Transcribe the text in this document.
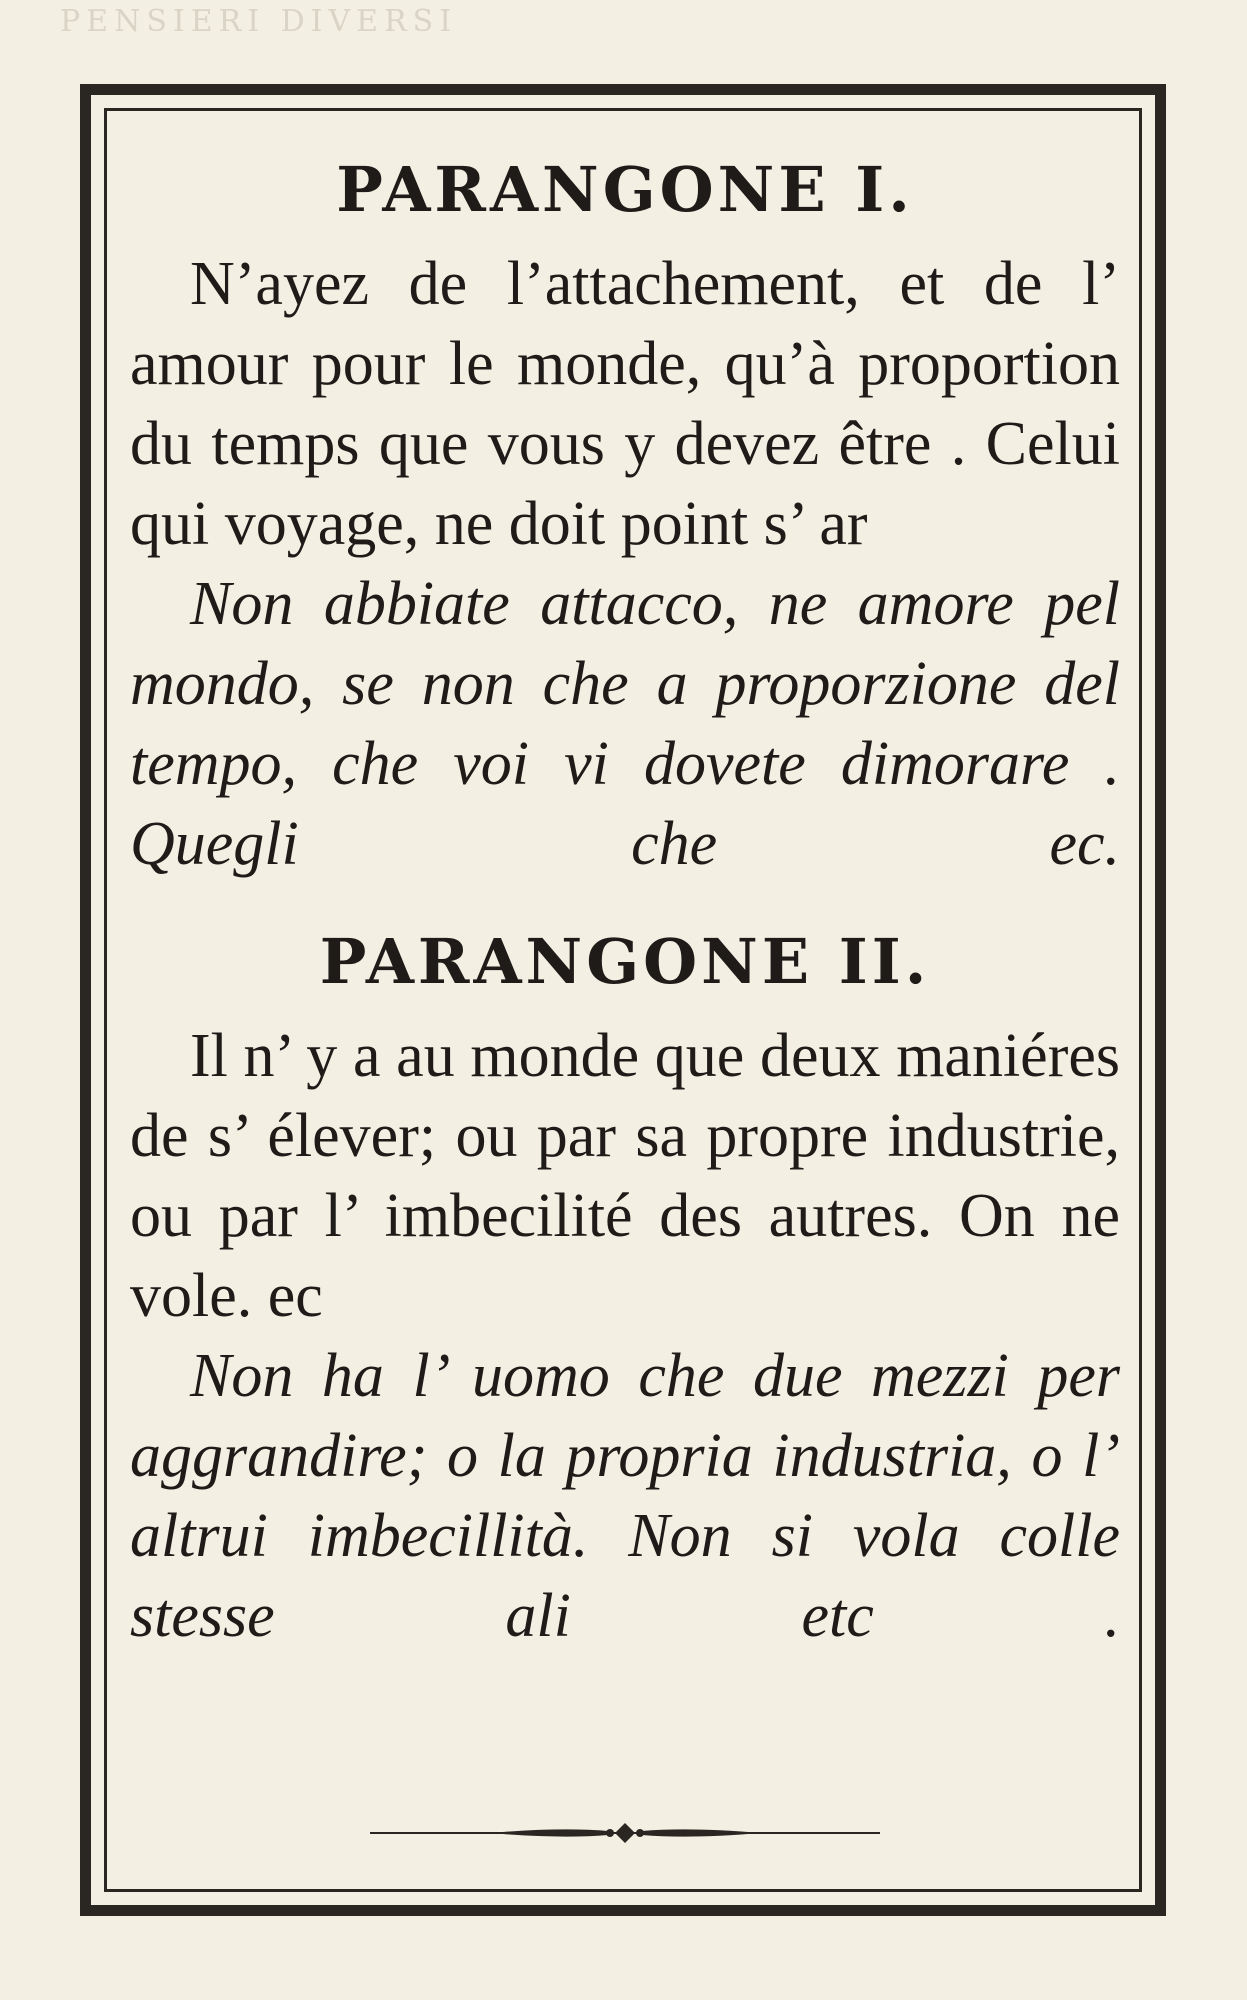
PENSIERI DIVERSI
PARANGONE I.

N’ayez de l’attachement, et de l’ amour pour le monde, qu’à proportion du temps que vous y devez être . Celui qui voyage, ne doit point s’ ar

Non abbiate attacco, ne amore pel mondo, se non che a proporzione del tempo, che voi vi dovete dimorare . Quegli che ec.

PARANGONE II.

Il n’ y a au monde que deux maniéres de s’ élever; ou par sa propre industrie, ou par l’ imbecilité des autres. On ne vole. ec

Non ha l’ uomo che due mezzi per aggrandire; o la propria industria, o l’ altrui imbecillità. Non si vola colle stesse ali etc .
